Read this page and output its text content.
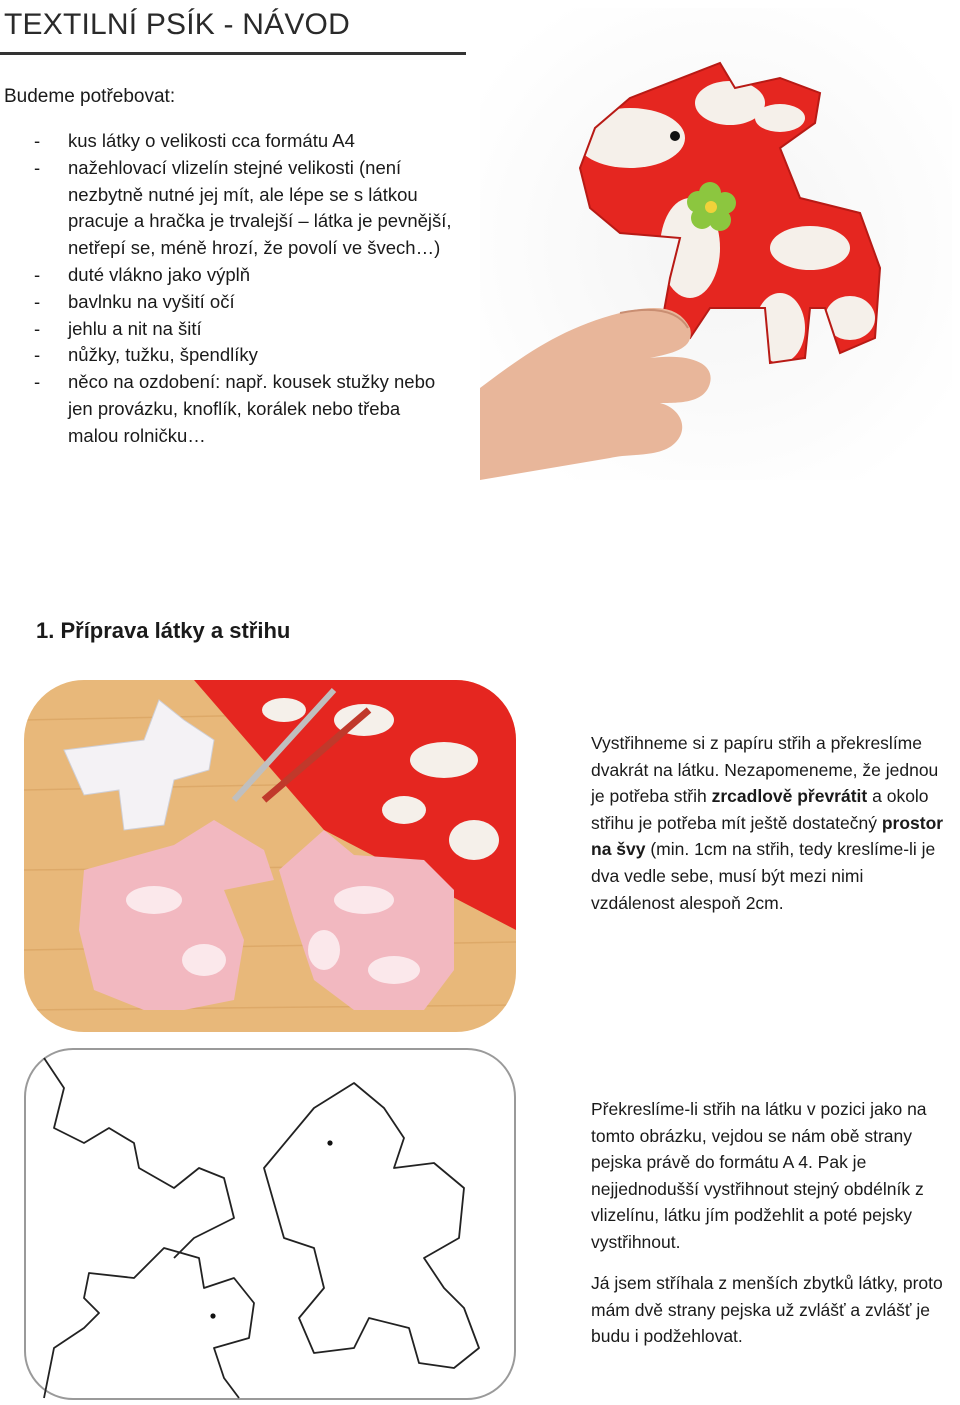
TEXTILNÍ PSÍK - NÁVOD
Budeme potřebovat:
- kus látky o velikosti cca formátu A4
- nažehlovací vlizelín stejné velikosti (není nezbytně nutné jej mít, ale lépe se s látkou pracuje a hračka je trvalejší – látka je pevnější, netřepí se, méně hrozí, že povolí ve švech…)
- duté vlákno jako výplň
- bavlnku na vyšití očí
- jehlu a nit na šití
- nůžky, tužku, špendlíky
- něco na ozdobení: např. kousek stužky nebo jen provázku, knoflík, korálek nebo třeba malou rolničku…
1. Příprava látky a střihu
Vystřihneme si z papíru střih a překreslíme dvakrát na látku. Nezapomeneme, že jednou je potřeba střih zrcadlově převrátit a okolo střihu je potřeba mít ještě dostatečný prostor na švy (min. 1cm na střih, tedy kreslíme-li je dva vedle sebe, musí být mezi nimi vzdálenost alespoň 2cm.
Překreslíme-li střih na látku v pozici jako na tomto obrázku, vejdou se nám obě strany pejska právě do formátu A 4. Pak je nejjednodušší vystřihnout stejný obdélník z vlizelínu, látku jím podžehlit a poté pejsky vystřihnout.
Já jsem stříhala z menších zbytků látky, proto mám dvě strany pejska už zvlášť a zvlášť je budu i podžehlovat.
